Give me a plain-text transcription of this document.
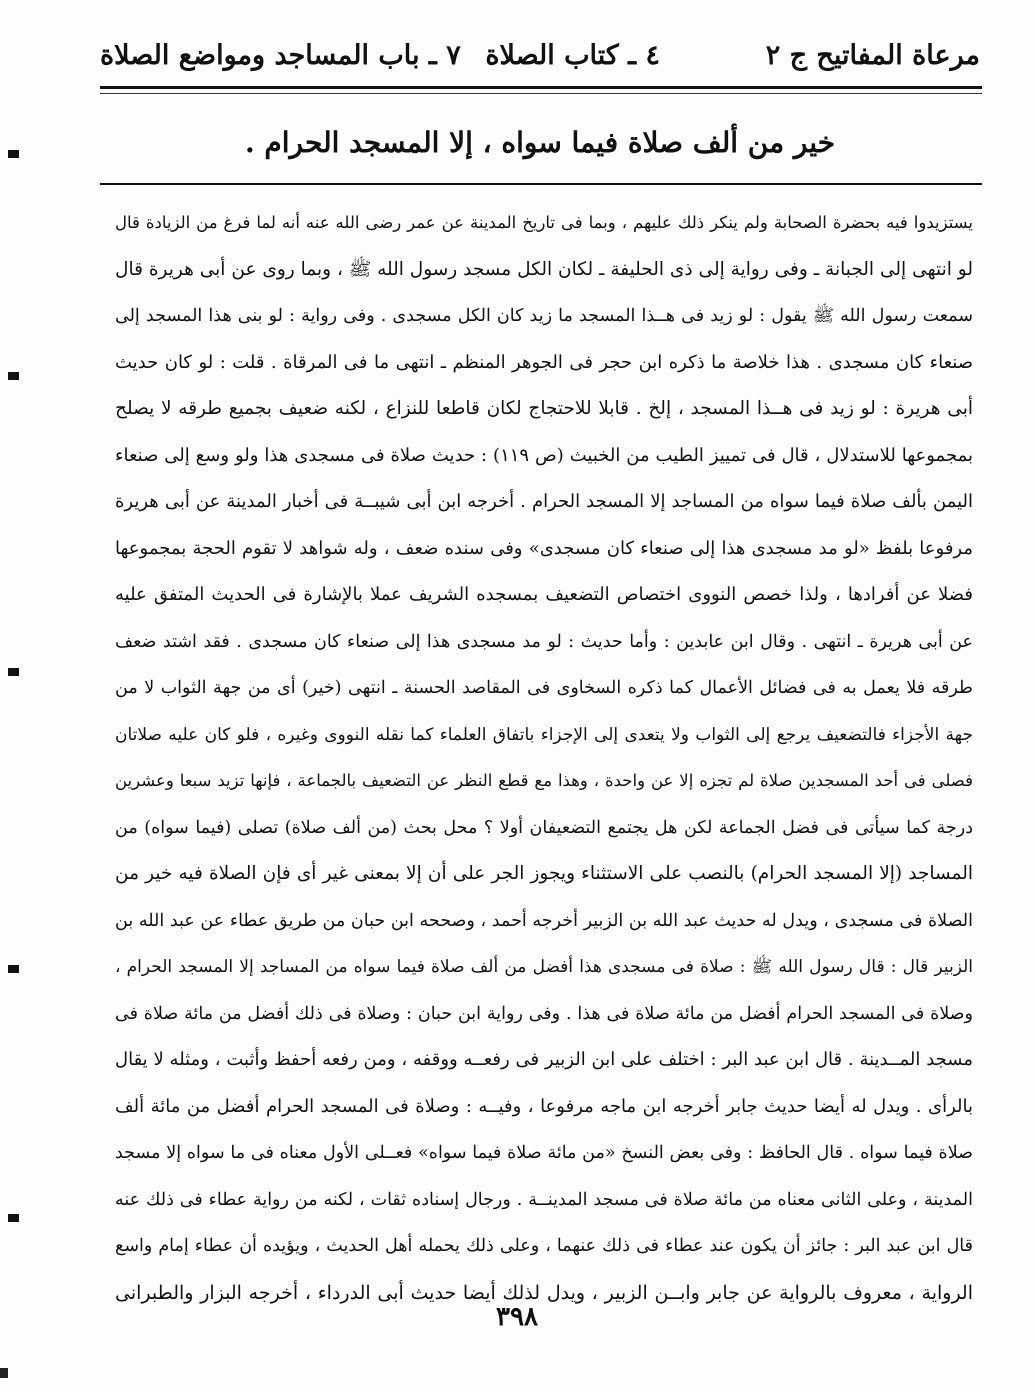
مرعاة المفاتيح ج ٢
٤ ـ كتاب الصلاة
٧ ـ باب المساجد ومواضع الصلاة
خير من ألف صلاة فيما سواه ، إلا المسجد الحرام .
يستزيدوا فيه بحضرة الصحابة ولم ينكر ذلك عليهم ، وبما فى تاريخ المدينة عن عمر رضى الله عنه أنه لما فرغ من الزيادة قال
لو انتهى إلى الجبانة ـ وفى رواية إلى ذى الحليفة ـ لكان الكل مسجد رسول الله ﷺ ، وبما روى عن أبى هريرة قال
سمعت رسول الله ﷺ يقول : لو زيد فى هــذا المسجد ما زيد كان الكل مسجدى . وفى رواية : لو بنى هذا المسجد إلى
صنعاء كان مسجدى . هذا خلاصة ما ذكره ابن حجر فى الجوهر المنظم ـ انتهى ما فى المرقاة . قلت : لو كان حديث
أبى هريرة : لو زيد فى هــذا المسجد ، إلخ . قابلا للاحتجاج لكان قاطعا للنزاع ، لكنه ضعيف بجميع طرقه لا يصلح
بمجموعها للاستدلال ، قال فى تمييز الطيب من الخبيث (ص ١١٩) : حديث صلاة فى مسجدى هذا ولو وسع إلى صنعاء
اليمن بألف صلاة فيما سواه من المساجد إلا المسجد الحرام . أخرجه ابن أبى شيبــة فى أخبار المدينة عن أبى هريرة
مرفوعا بلفظ «لو مد مسجدى هذا إلى صنعاء كان مسجدى» وفى سنده ضعف ، وله شواهد لا تقوم الحجة بمجموعها
فضلا عن أفرادها ، ولذا خصص النووى اختصاص التضعيف بمسجده الشريف عملا بالإشارة فى الحديث المتفق عليه
عن أبى هريرة ـ انتهى . وقال ابن عابدين : وأما حديث : لو مد مسجدى هذا إلى صنعاء كان مسجدى . فقد اشتد ضعف
طرقه فلا يعمل به فى فضائل الأعمال كما ذكره السخاوى فى المقاصد الحسنة ـ انتهى (خير) أى من جهة الثواب لا من
جهة الأجزاء فالتضعيف يرجع إلى الثواب ولا يتعدى إلى الإجزاء باتفاق العلماء كما نقله النووى وغيره ، فلو كان عليه صلاتان
فصلى فى أحد المسجدين صلاة لم تجزه إلا عن واحدة ، وهذا مع قطع النظر عن التضعيف بالجماعة ، فإنها تزيد سبعا وعشرين
درجة كما سيأتى فى فضل الجماعة لكن هل يجتمع التضعيفان أولا ؟ محل بحث (من ألف صلاة) تصلى (فيما سواه) من
المساجد (إلا المسجد الحرام) بالنصب على الاستثناء ويجوز الجر على أن إلا بمعنى غير أى فإن الصلاة فيه خير من
الصلاة فى مسجدى ، ويدل له حديث عبد الله بن الزبير أخرجه أحمد ، وصححه ابن حبان من طريق عطاء عن عبد الله بن
الزبير قال : قال رسول الله ﷺ : صلاة فى مسجدى هذا أفضل من ألف صلاة فيما سواه من المساجد إلا المسجد الحرام ،
وصلاة فى المسجد الحرام أفضل من مائة صلاة فى هذا . وفى رواية ابن حبان : وصلاة فى ذلك أفضل من مائة صلاة فى
مسجد المــدينة . قال ابن عبد البر : اختلف على ابن الزبير فى رفعــه ووقفه ، ومن رفعه أحفظ وأثبت ، ومثله لا يقال
بالرأى . ويدل له أيضا حديث جابر أخرجه ابن ماجه مرفوعا ، وفيــه : وصلاة فى المسجد الحرام أفضل من مائة ألف
صلاة فيما سواه . قال الحافظ : وفى بعض النسخ «من مائة صلاة فيما سواه» فعــلى الأول معناه فى ما سواه إلا مسجد
المدينة ، وعلى الثانى معناه من مائة صلاة فى مسجد المدينــة . ورجال إسناده ثقات ، لكنه من رواية عطاء فى ذلك عنه
قال ابن عبد البر : جائز أن يكون عند عطاء فى ذلك عنهما ، وعلى ذلك يحمله أهل الحديث ، ويؤيده أن عطاء إمام واسع
الرواية ، معروف بالرواية عن جابر وابــن الزبير ، ويدل لذلك أيضا حديث أبى الدرداء ، أخرجه البزار والطبرانى
٣٩٨
